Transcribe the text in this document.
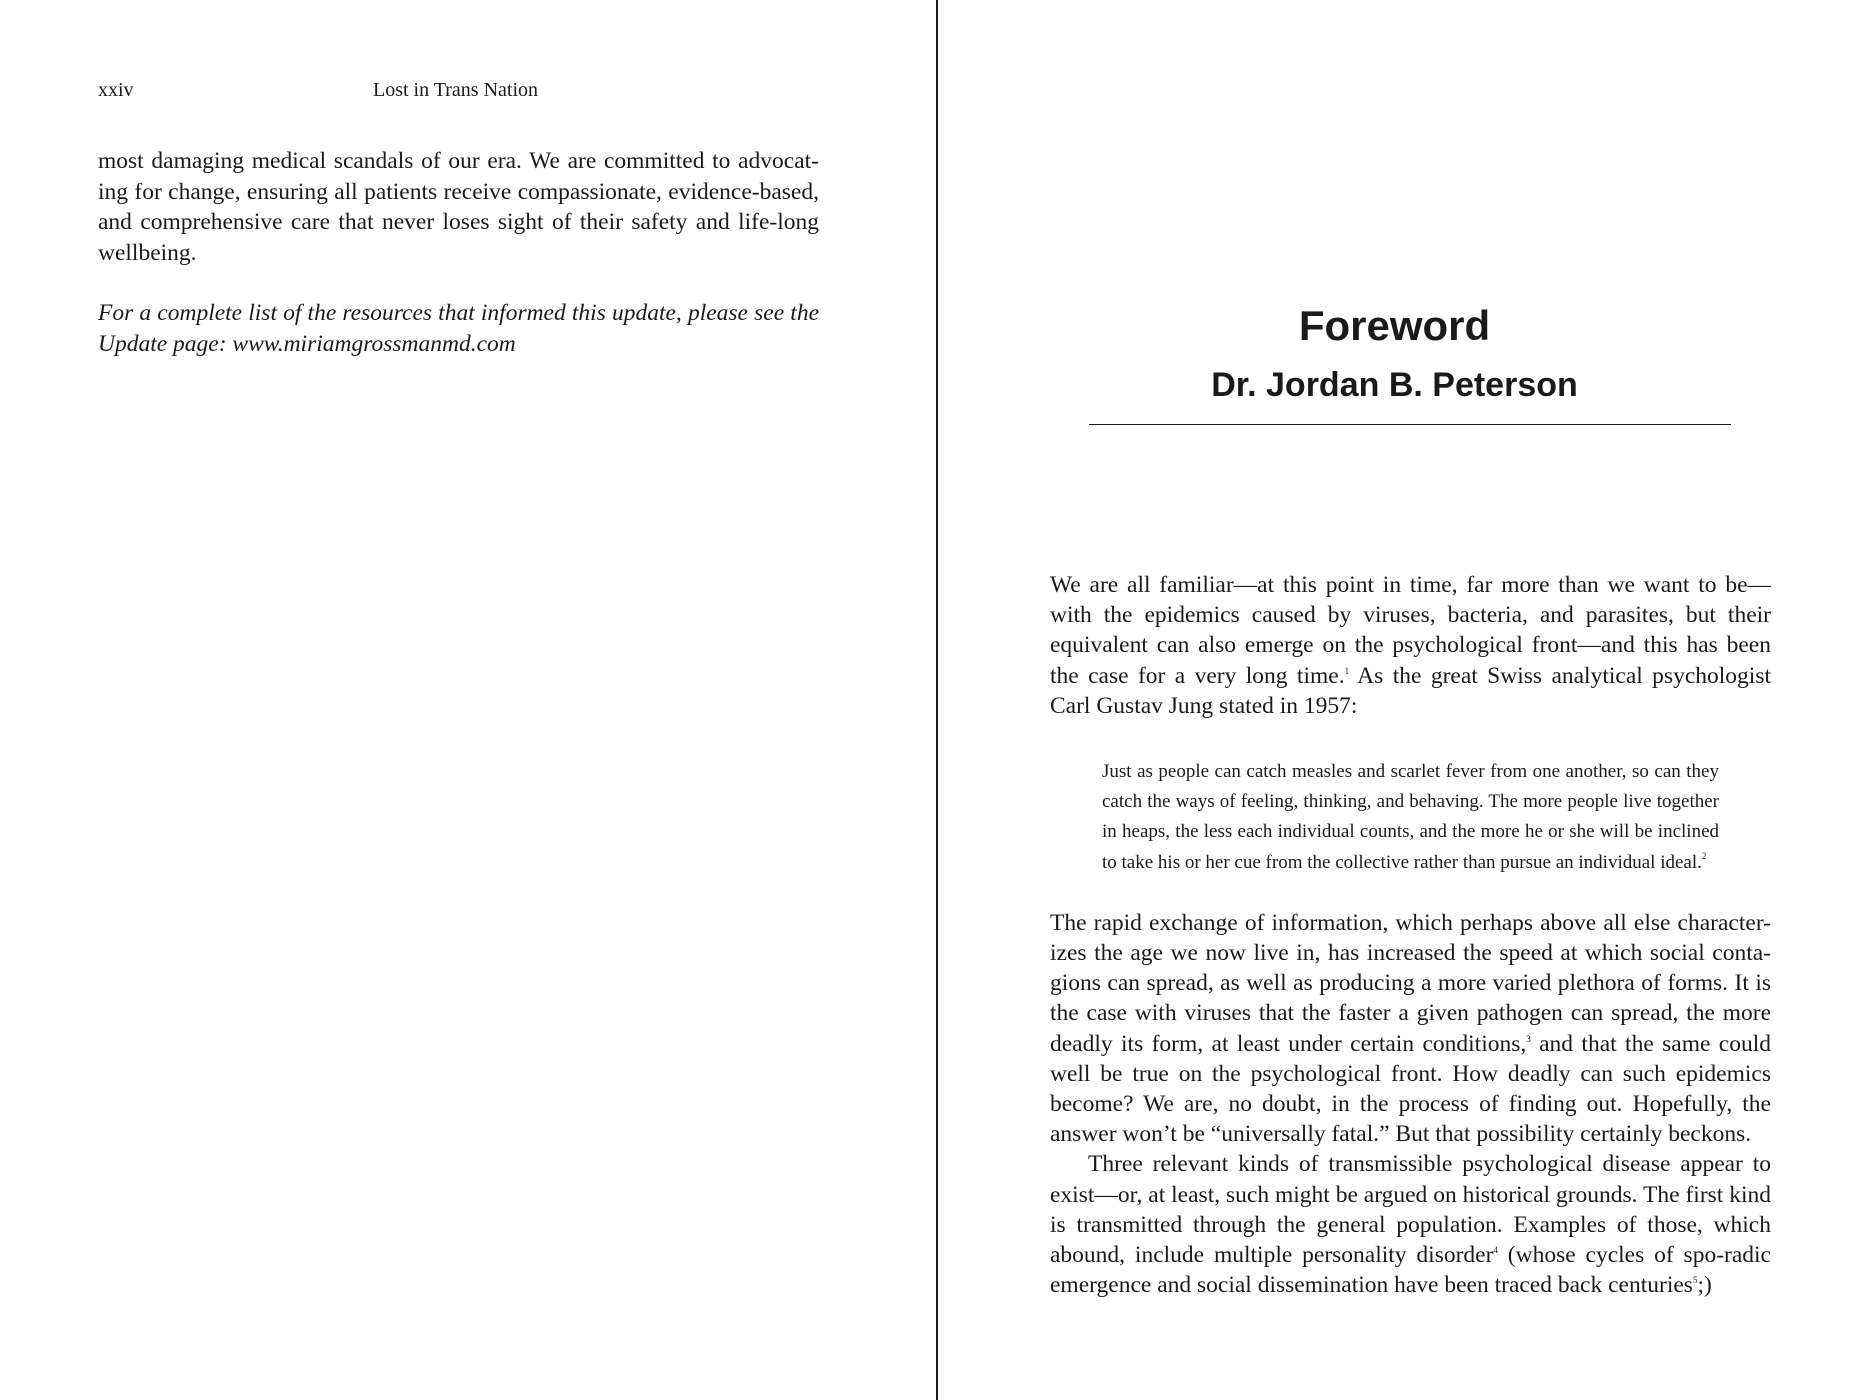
xxiv	Lost in Trans Nation

most damaging medical scandals of our era. We are committed to advocat-ing for change, ensuring all patients receive compassionate, evidence-based, and comprehensive care that never loses sight of their safety and life-long wellbeing.

For a complete list of the resources that informed this update, please see the Update page: www.miriamgrossmanmd.com	Foreword
Dr. Jordan B. Peterson

We are all familiar—at this point in time, far more than we want to be—with the epidemics caused by viruses, bacteria, and parasites, but their equivalent can also emerge on the psychological front—and this has been the case for a very long time.$^1$ As the great Swiss analytical psychologist Carl Gustav Jung stated in 1957:

Just as people can catch measles and scarlet fever from one another, so can they catch the ways of feeling, thinking, and behaving. The more people live together in heaps, the less each individual counts, and the more he or she will be inclined to take his or her cue from the collective rather than pursue an individual ideal.$^2$

The rapid exchange of information, which perhaps above all else character-izes the age we now live in, has increased the speed at which social conta-gions can spread, as well as producing a more varied plethora of forms. It is the case with viruses that the faster a given pathogen can spread, the more deadly its form, at least under certain conditions,$^3$ and that the same could well be true on the psychological front. How deadly can such epidemics become? We are, no doubt, in the process of finding out. Hopefully, the answer won’t be “universally fatal.” But that possibility certainly beckons.

Three relevant kinds of transmissible psychological disease appear to exist—or, at least, such might be argued on historical grounds. The first kind is transmitted through the general population. Examples of those, which abound, include multiple personality disorder$^4$ (whose cycles of spo-radic emergence and social dissemination have been traced back centuries$^5$;)
